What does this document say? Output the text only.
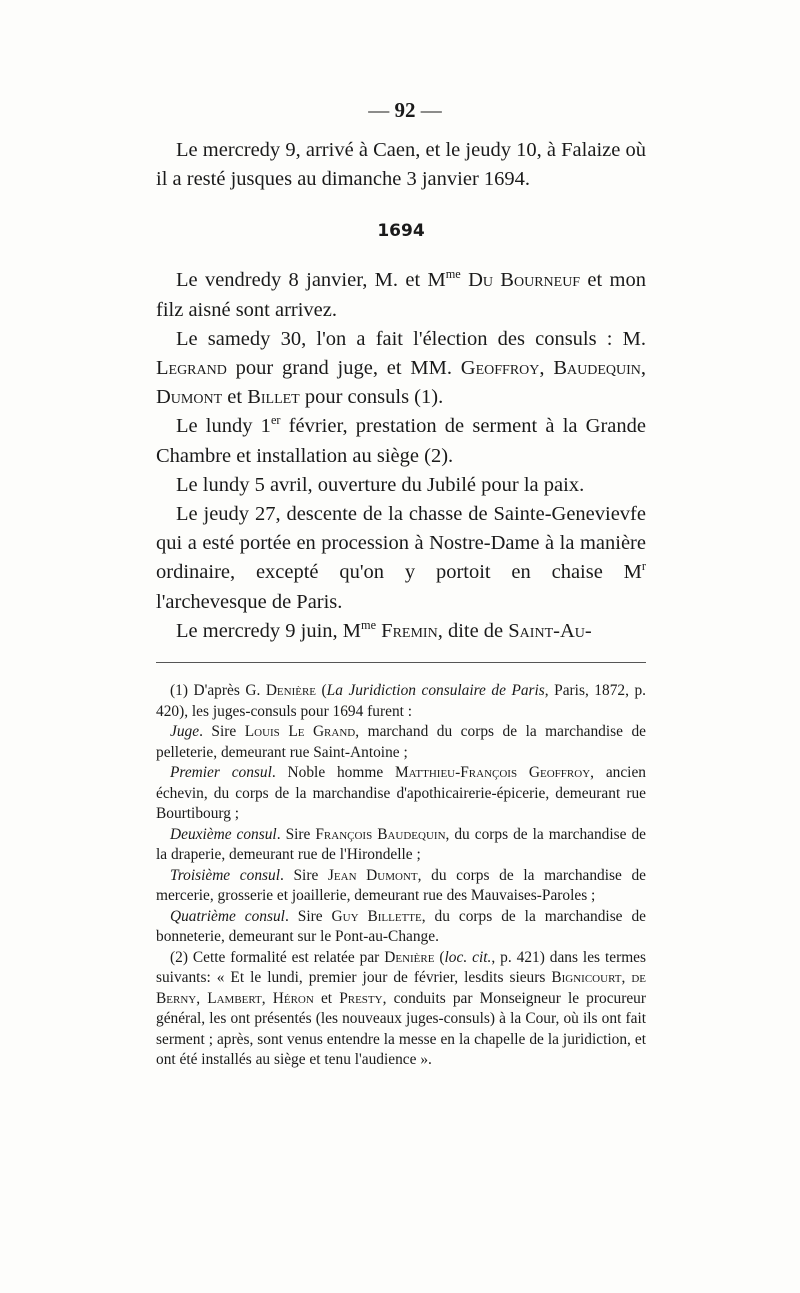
— 92 —

Le mercredy 9, arrivé à Caen, et le jeudy 10, à Falaize où il a resté jusques au dimanche 3 janvier 1694.

1694

Le vendredy 8 janvier, M. et $M^{me}$ Du Bourneuf et mon filz aisné sont arrivez.

Le samedy 30, l'on a fait l'élection des consuls : M. Legrand pour grand juge, et MM. Geoffroy, Baudequin, Dumont et Billet pour consuls (1).

Le lundy 1er février, prestation de serment à la Grande Chambre et installation au siège (2).

Le lundy 5 avril, ouverture du Jubilé pour la paix.

Le jeudy 27, descente de la chasse de Sainte-Genevievfe qui a esté portée en procession à Nostre-Dame à la manière ordinaire, excepté qu'on y portoit en chaise $M^r$ l'archevesque de Paris.

Le mercredy 9 juin, $M^{me}$ Fremin, dite de Saint-Au-

(1) D'après G. Denière (La Juridiction consulaire de Paris, Paris, 1872, p. 420), les juges-consuls pour 1694 furent :

Juge. Sire Louis Le Grand, marchand du corps de la marchandise de pelleterie, demeurant rue Saint-Antoine ;

Premier consul. Noble homme Matthieu-François Geoffroy, ancien échevin, du corps de la marchandise d'apothicairerie-épicerie, demeurant rue Bourtibourg ;

Deuxième consul. Sire François Baudequin, du corps de la marchandise de la draperie, demeurant rue de l'Hirondelle ;

Troisième consul. Sire Jean Dumont, du corps de la marchandise de mercerie, grosserie et joaillerie, demeurant rue des Mauvaises-Paroles ;

Quatrième consul. Sire Guy Billette, du corps de la marchandise de bonneterie, demeurant sur le Pont-au-Change.

(2) Cette formalité est relatée par Denière (loc. cit., p. 421) dans les termes suivants: « Et le lundi, premier jour de février, lesdits sieurs Bignicourt, de Berny, Lambert, Héron et Presty, conduits par Monseigneur le procureur général, les ont présentés (les nouveaux juges-consuls) à la Cour, où ils ont fait serment ; après, sont venus entendre la messe en la chapelle de la juridiction, et ont été installés au siège et tenu l'audience ».
